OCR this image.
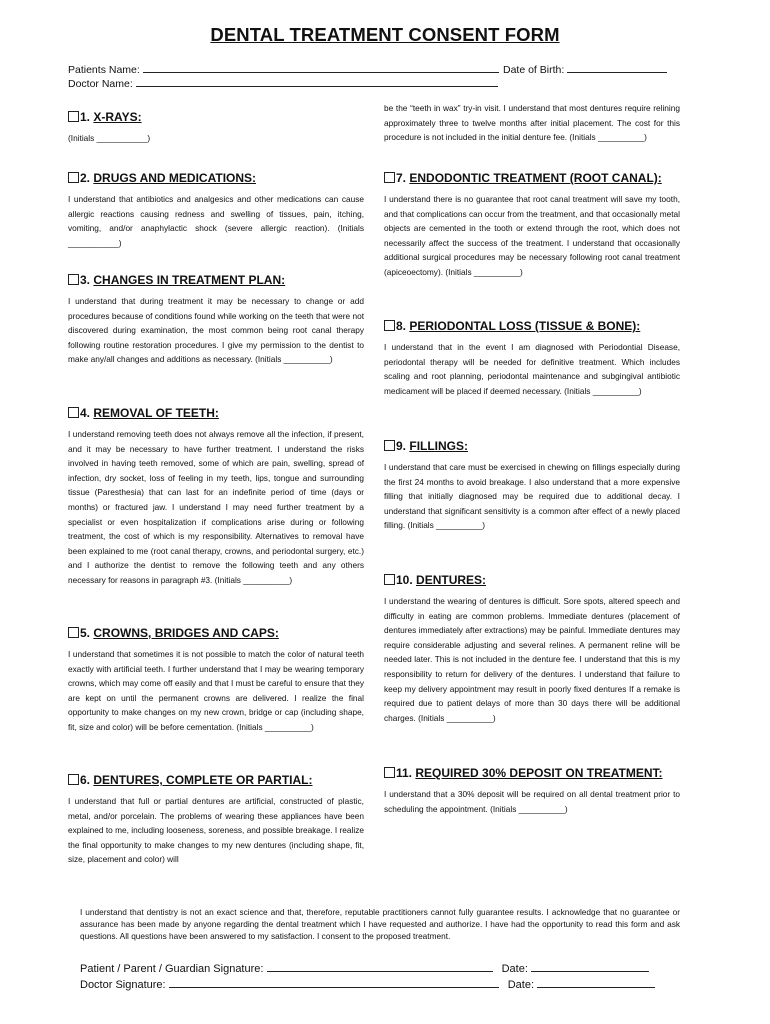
DENTAL TREATMENT CONSENT FORM
Patients Name:	Date of Birth:
Doctor Name:

1. X-RAYS:

(Initials ___________)

2. DRUGS AND MEDICATIONS:

I understand that antibiotics and analgesics and other medications can cause allergic reactions causing redness and swelling of tissues, pain, itching, vomiting, and/or anaphylactic shock (severe allergic reaction). (Initials ___________)

3. CHANGES IN TREATMENT PLAN:

I understand that during treatment it may be necessary to change or add procedures because of conditions found while working on the teeth that were not discovered during examination, the most common being root canal therapy following routine restoration procedures. I give my permission to the dentist to make any/all changes and additions as necessary. (Initials __________)

4. REMOVAL OF TEETH:

I understand removing teeth does not always remove all the infection, if present, and it may be necessary to have further treatment. I understand the risks involved in having teeth removed, some of which are pain, swelling, spread of infection, dry socket, loss of feeling in my teeth, lips, tongue and surrounding tissue (Paresthesia) that can last for an indefinite period of time (days or months) or fractured jaw. I understand I may need further treatment by a specialist or even hospitalization if complications arise during or following treatment, the cost of which is my responsibility. Alternatives to removal have been explained to me (root canal therapy, crowns, and periodontal surgery, etc.) and I authorize the dentist to remove the following teeth and any others necessary for reasons in paragraph #3. (Initials __________)

5. CROWNS, BRIDGES AND CAPS:

I understand that sometimes it is not possible to match the color of natural teeth exactly with artificial teeth. I further understand that I may be wearing temporary crowns, which may come off easily and that I must be careful to ensure that they are kept on until the permanent crowns are delivered. I realize the final opportunity to make changes on my new crown, bridge or cap (including shape, fit, size and color) will be before cementation. (Initials __________)

6. DENTURES, COMPLETE OR PARTIAL:

I understand that full or partial dentures are artificial, constructed of plastic, metal, and/or porcelain. The problems of wearing these appliances have been explained to me, including looseness, soreness, and possible breakage. I realize the final opportunity to make changes to my new dentures (including shape, fit, size, placement and color) will

be the “teeth in wax” try-in visit. I understand that most dentures require relining approximately three to twelve months after initial placement. The cost for this procedure is not included in the initial denture fee. (Initials __________)

7. ENDODONTIC TREATMENT (ROOT CANAL):

I understand there is no guarantee that root canal treatment will save my tooth, and that complications can occur from the treatment, and that occasionally metal objects are cemented in the tooth or extend through the root, which does not necessarily affect the success of the treatment. I understand that occasionally additional surgical procedures may be necessary following root canal treatment (apiceoectomy). (Initials __________)

8. PERIODONTAL LOSS (TISSUE & BONE):

I understand that in the event I am diagnosed with Periodontial Disease, periodontal therapy will be needed for definitive treatment. Which includes scaling and root planning, periodontal maintenance and subgingival antibiotic medicament will be placed if deemed necessary. (Initials __________)

9. FILLINGS:

I understand that care must be exercised in chewing on fillings especially during the first 24 months to avoid breakage. I also understand that a more expensive filling that initially diagnosed may be required due to additional decay. I understand that significant sensitivity is a common after effect of a newly placed filling. (Initials __________)

10. DENTURES:

I understand the wearing of dentures is difficult. Sore spots, altered speech and difficulty in eating are common problems. Immediate dentures (placement of dentures immediately after extractions) may be painful. Immediate dentures may require considerable adjusting and several relines. A permanent reline will be needed later. This is not included in the denture fee. I understand that this is my responsibility to return for delivery of the dentures. I understand that failure to keep my delivery appointment may result in poorly fixed dentures If a remake is required due to patient delays of more than 30 days there will be additional charges. (Initials __________)

11. REQUIRED 30% DEPOSIT ON TREATMENT:

I understand that a 30% deposit will be required on all dental treatment prior to scheduling the appointment. (Initials __________)

I understand that dentistry is not an exact science and that, therefore, reputable practitioners cannot fully guarantee results. I acknowledge that no guarantee or assurance has been made by anyone regarding the dental treatment which I have requested and authorize. I have had the opportunity to read this form and ask questions. All questions have been answered to my satisfaction. I consent to the proposed treatment.
Patient / Parent / Guardian Signature:	Date:
Doctor Signature:	Date:
